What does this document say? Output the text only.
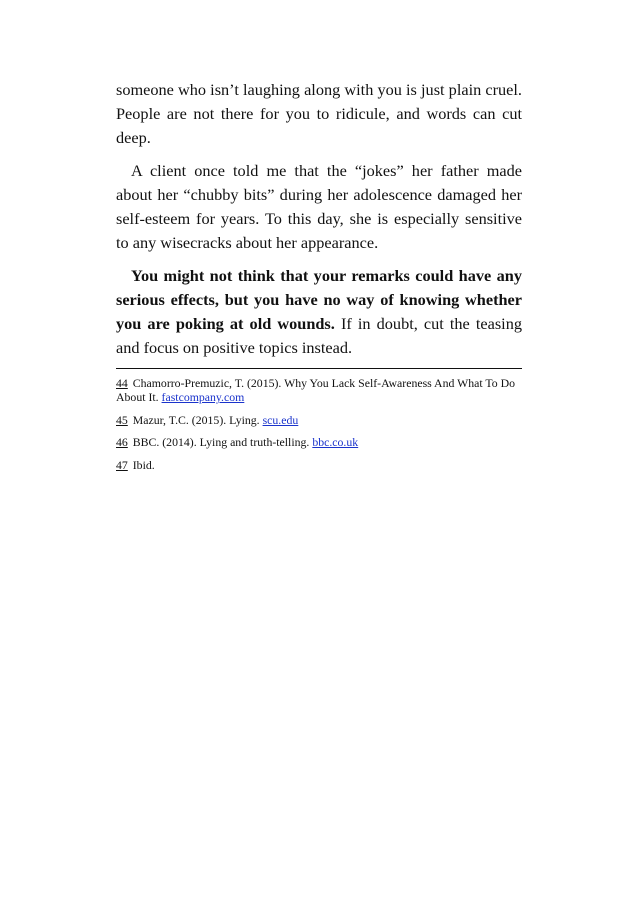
someone who isn’t laughing along with you is just plain cruel. People are not there for you to ridicule, and words can cut deep.

A client once told me that the “jokes” her father made about her “chubby bits” during her adolescence damaged her self-esteem for years. To this day, she is especially sensitive to any wisecracks about her appearance.

You might not think that your remarks could have any serious effects, but you have no way of knowing whether you are poking at old wounds. If in doubt, cut the teasing and focus on positive topics instead.

44 Chamorro-Premuzic, T. (2015). Why You Lack Self-Awareness And What To Do About It. fastcompany.com

45 Mazur, T.C. (2015). Lying. scu.edu

46 BBC. (2014). Lying and truth-telling. bbc.co.uk

47 Ibid.
